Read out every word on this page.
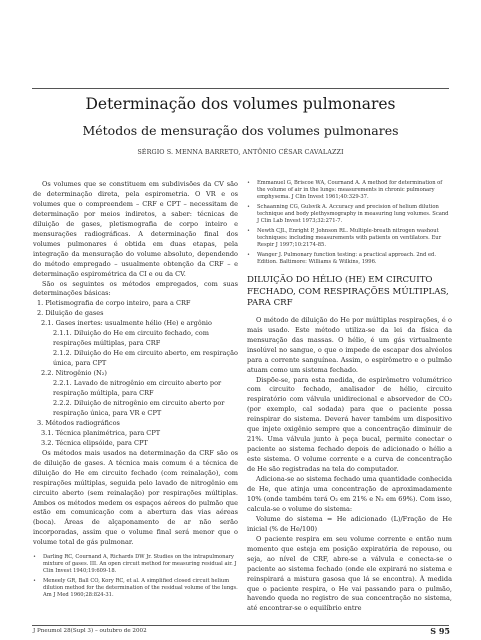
Determinação dos volumes pulmonares
Métodos de mensuração dos volumes pulmonares
SÉRGIO S. MENNA BARRETO, ANTÔNIO CÉSAR CAVALAZZI

Os volumes que se constituem em subdivisões da CV são de determinação direta, pela espirometria. O VR e os volumes que o compreendem – CRF e CPT – necessitam de determinação por meios indiretos, a saber: técnicas de diluição de gases, pletismografia de corpo inteiro e mensurações radiográficas. A determinação final dos volumes pulmonares é obtida em duas etapas, pela integração da mensuração do volume absoluto, dependendo do método empregado – usualmente obtenção da CRF – e determinação espirométrica da CI e ou da CV.

São os seguintes os métodos empregados, com suas determinações básicas:

1. Pletismografia de corpo inteiro, para a CRF

2. Diluição de gases

2.1. Gases inertes: usualmente hélio (He) e argônio

2.1.1. Diluição do He em circuito fechado, com respirações múltiplas, para CRF

2.1.2. Diluição do He em circuito aberto, em respiração única, para CPT

2.2. Nitrogênio (N₂)

2.2.1. Lavado de nitrogênio em circuito aberto por respiração múltipla, para CRF

2.2.2. Diluição de nitrogênio em circuito aberto por respiração única, para VR e CPT

3. Métodos radiográficos

3.1. Técnica planimétrica, para CPT

3.2. Técnica elipsóide, para CPT

Os métodos mais usados na determinação da CRF são os de diluição de gases. A técnica mais comum é a técnica de diluição do He em circuito fechado (com reinalação), com respirações múltiplas, seguida pelo lavado de nitrogênio em circuito aberto (sem reinalação) por respirações múltiplas. Ambos os métodos medem os espaços aéreos do pulmão que estão em comunicação com a abertura das vias aéreas (boca). Áreas de alçaponamento de ar não serão incorporadas, assim que o volume final será menor que o volume total de gás pulmonar.

•	Darling RC, Cournand A, Richards DW Jr. Studies on the intrapulmonary mixture of gases. III. An open circuit method for measuring residual air. J Clin Invest 1940;19:609-18.
•	Meneely GR, Ball CO, Kory RC, et al. A simplified closed circuit helium dilution method for the determination of the residual volume of the lungs. Am J Med 1960;28:824-31.
•	Emmanuel G, Briscoe WA, Cournand A. A method for determination of the volume of air in the lungs: measurements in chronic pulmonary emphysema. J Clin Invest 1961;40:329-37.
•	Schaanning CG, Gulsvik A. Accuracy and precision of helium dilution technique and body plethysmography in measuring lung volumes. Scand J Clin Lab Invest 1973;32:271-7.
•	Newth CJL, Enright P, Johnson RL. Multiple-breath nitrogen washout techniques: including measurements with patients on ventilators. Eur Respir J 1997;10:2174-85.
•	Wanger J. Pulmonary function testing: a practical approach. 2nd ed. Edition. Baltimore: Williams & Wilkins, 1996.
DILUIÇÃO DO HÉLIO (HE) EM CIRCUITO FECHADO, COM RESPIRAÇÕES MÚLTIPLAS, PARA CRF

O método de diluição do He por múltiplas respirações, é o mais usado. Este método utiliza-se da lei da física da mensuração das massas. O hélio, é um gás virtualmente insolúvel no sangue, o que o impede de escapar dos alvéolos para a corrente sanguínea. Assim, o espirômetro e o pulmão atuam como um sistema fechado.

Dispõe-se, para esta medida, de espirômetro volumétrico com circuito fechado, analisador de hélio, circuito respiratório com válvula unidirecional e absorvedor de CO₂ (por exemplo, cal sodada) para que o paciente possa reinspirar do sistema. Deverá haver também um dispositivo que injete oxigênio sempre que a concentração diminuir de 21%. Uma válvula junto à peça bucal, permite conectar o paciente ao sistema fechado depois de adicionado o hélio a este sistema. O volume corrente e a curva de concentração de He são registradas na tela do computador.

Adiciona-se ao sistema fechado uma quantidade conhecida de He, que atinja uma concentração de aproximadamente 10% (onde também terá O₂ em 21% e N₂ em 69%). Com isso, calcula-se o volume do sistema:

Volume do sistema = He adicionado (L)/Fração de He inicial (% de He/100)

O paciente respira em seu volume corrente e então num momento que esteja em posição expiratória de repouso, ou seja, ao nível de CRF, abre-se a válvula e conecta-se o paciente ao sistema fechado (onde ele expirará no sistema e reinspirará a mistura gasosa que lá se encontra). À medida que o paciente respira, o He vai passando para o pulmão, havendo queda no registro de sua concentração no sistema, até encontrar-se o equilíbrio entre

J Pneumol 28(Supl 3) – outubro de 2002	S 95
